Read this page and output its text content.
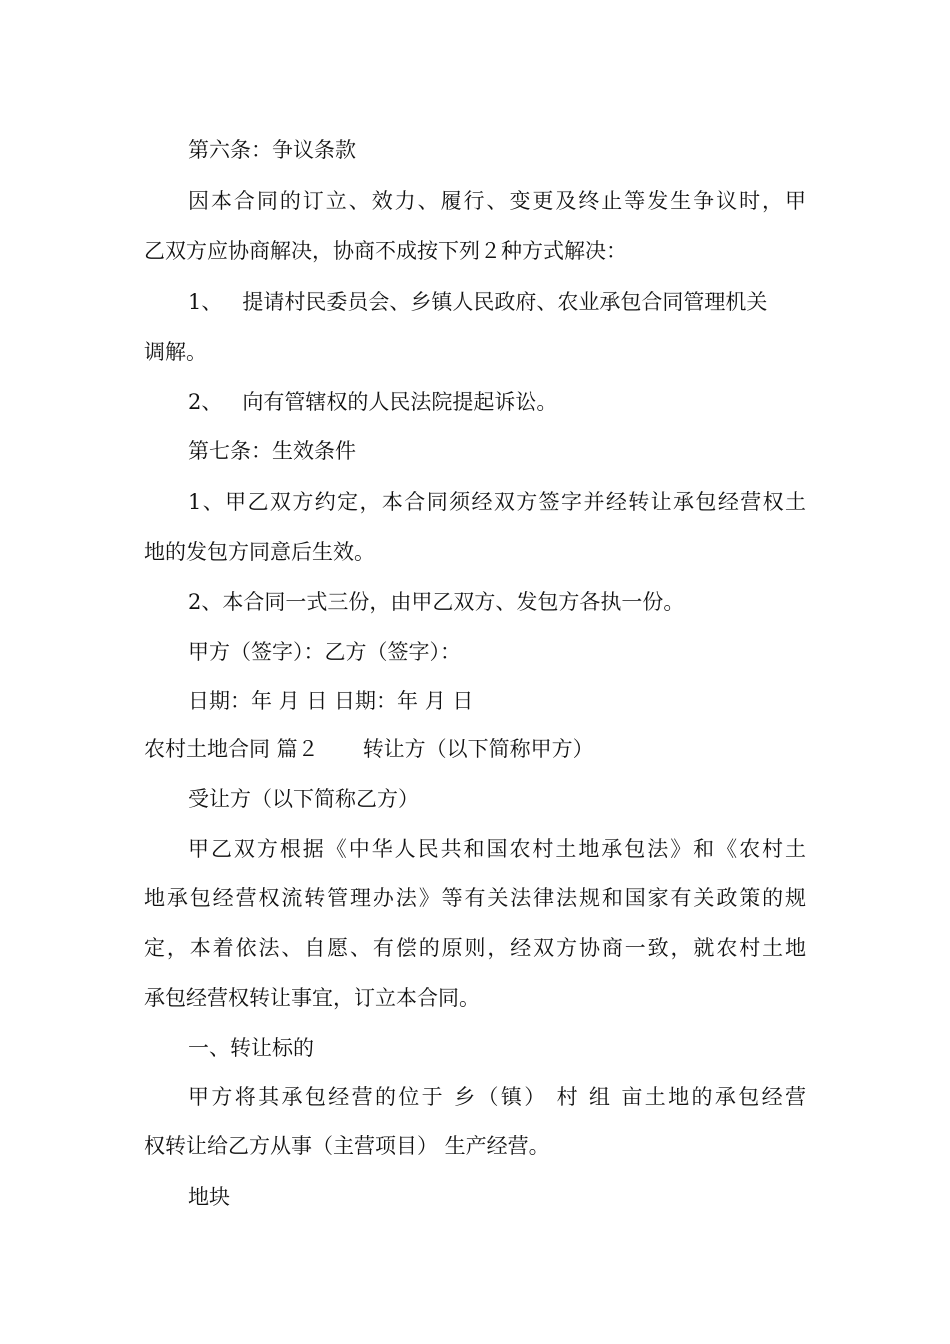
第六条：争议条款
因本合同的订立、效力、履行、变更及终止等发生争议时，甲
乙双方应协商解决，协商不成按下列２种方式解决：
1、 提请村民委员会、乡镇人民政府、农业承包合同管理机关
调解。
2、 向有管辖权的人民法院提起诉讼。
第七条：生效条件
1、甲乙双方约定，本合同须经双方签字并经转让承包经营权土
地的发包方同意后生效。
2、本合同一式三份，由甲乙双方、发包方各执一份。
甲方（签字）：乙方（签字）：
日期：年 月 日 日期：年 月 日
农村土地合同 篇２ 转让方（以下简称甲方）
受让方（以下简称乙方）
甲乙双方根据《中华人民共和国农村土地承包法》和《农村土
地承包经营权流转管理办法》等有关法律法规和国家有关政策的规
定，本着依法、自愿、有偿的原则，经双方协商一致，就农村土地
承包经营权转让事宜，订立本合同。
一、转让标的
甲方将其承包经营的位于 乡（镇） 村 组 亩土地的承包经营
权转让给乙方从事（主营项目） 生产经营。
地块
